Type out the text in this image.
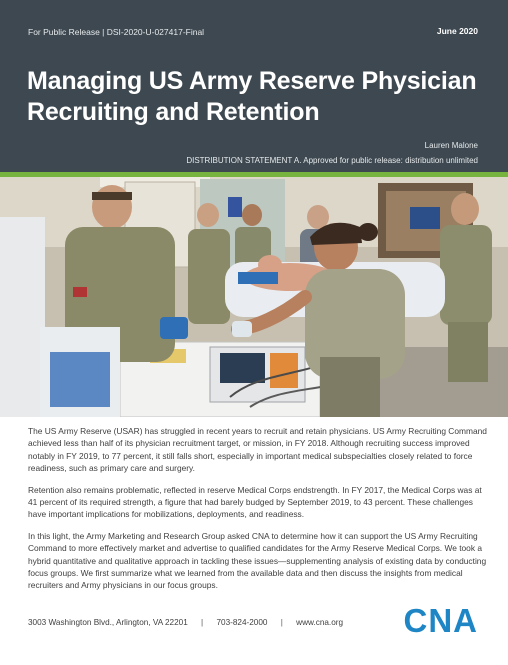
For Public Release | DSI-2020-U-027417-Final	June 2020
Managing US Army Reserve Physician Recruiting and Retention
Lauren Malone
DISTRIBUTION STATEMENT A. Approved for public release: distribution unlimited

The US Army Reserve (USAR) has struggled in recent years to recruit and retain physicians. US Army Recruiting Command achieved less than half of its physician recruitment target, or mission, in FY 2018. Although recruiting success improved notably in FY 2019, to 77 percent, it still falls short, especially in important medical subspecialties closely related to force readiness, such as primary care and surgery.

Retention also remains problematic, reflected in reserve Medical Corps endstrength. In FY 2017, the Medical Corps was at 41 percent of its required strength, a figure that had barely budged by September 2019, to 43 percent. These challenges have important implications for mobilizations, deployments, and readiness.

In this light, the Army Marketing and Research Group asked CNA to determine how it can support the US Army Recruiting Command to more effectively market and advertise to qualified candidates for the Army Reserve Medical Corps. We took a hybrid quantitative and qualitative approach in tackling these issues—supplementing analysis of existing data by conducting focus groups. We first summarize what we learned from the available data and then discuss the insights from medical recruiters and Army physicians in our focus groups.

3003 Washington Blvd., Arlington, VA 22201 | 703-824-2000 | www.cna.org CNA
